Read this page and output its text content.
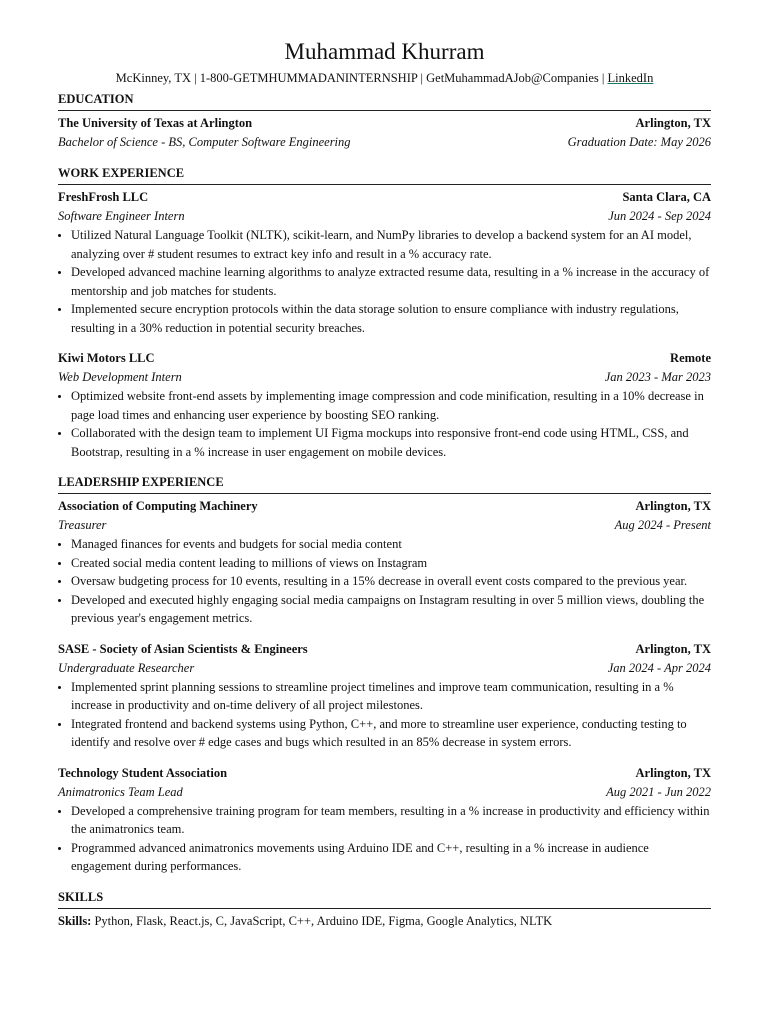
Muhammad Khurram
McKinney, TX | 1-800-GETMHUMMADANINTERNSHIP | GetMuhammadAJob@Companies | LinkedIn
EDUCATION
The University of Texas at Arlington	Arlington, TX
Bachelor of Science - BS, Computer Software Engineering	Graduation Date: May 2026
WORK EXPERIENCE
FreshFrosh LLC	Santa Clara, CA
Software Engineer Intern	Jun 2024 - Sep 2024
• Utilized Natural Language Toolkit (NLTK), scikit-learn, and NumPy libraries to develop a backend system for an AI model, analyzing over # student resumes to extract key info and result in a % accuracy rate.
• Developed advanced machine learning algorithms to analyze extracted resume data, resulting in a % increase in the accuracy of mentorship and job matches for students.
• Implemented secure encryption protocols within the data storage solution to ensure compliance with industry regulations, resulting in a 30% reduction in potential security breaches.
Kiwi Motors LLC	Remote
Web Development Intern	Jan 2023 - Mar 2023
• Optimized website front-end assets by implementing image compression and code minification, resulting in a 10% decrease in page load times and enhancing user experience by boosting SEO ranking.
• Collaborated with the design team to implement UI Figma mockups into responsive front-end code using HTML, CSS, and Bootstrap, resulting in a % increase in user engagement on mobile devices.
LEADERSHIP EXPERIENCE
Association of Computing Machinery	Arlington, TX
Treasurer	Aug 2024 - Present
• Managed finances for events and budgets for social media content
• Created social media content leading to millions of views on Instagram
• Oversaw budgeting process for 10 events, resulting in a 15% decrease in overall event costs compared to the previous year.
• Developed and executed highly engaging social media campaigns on Instagram resulting in over 5 million views, doubling the previous year's engagement metrics.
SASE - Society of Asian Scientists & Engineers	Arlington, TX
Undergraduate Researcher	Jan 2024 - Apr 2024
• Implemented sprint planning sessions to streamline project timelines and improve team communication, resulting in a % increase in productivity and on-time delivery of all project milestones.
• Integrated frontend and backend systems using Python, C++, and more to streamline user experience, conducting testing to identify and resolve over # edge cases and bugs which resulted in an 85% decrease in system errors.
Technology Student Association	Arlington, TX
Animatronics Team Lead	Aug 2021 - Jun 2022
• Developed a comprehensive training program for team members, resulting in a % increase in productivity and efficiency within the animatronics team.
• Programmed advanced animatronics movements using Arduino IDE and C++, resulting in a % increase in audience engagement during performances.
SKILLS
Skills: Python, Flask, React.js, C, JavaScript, C++, Arduino IDE, Figma, Google Analytics, NLTK
